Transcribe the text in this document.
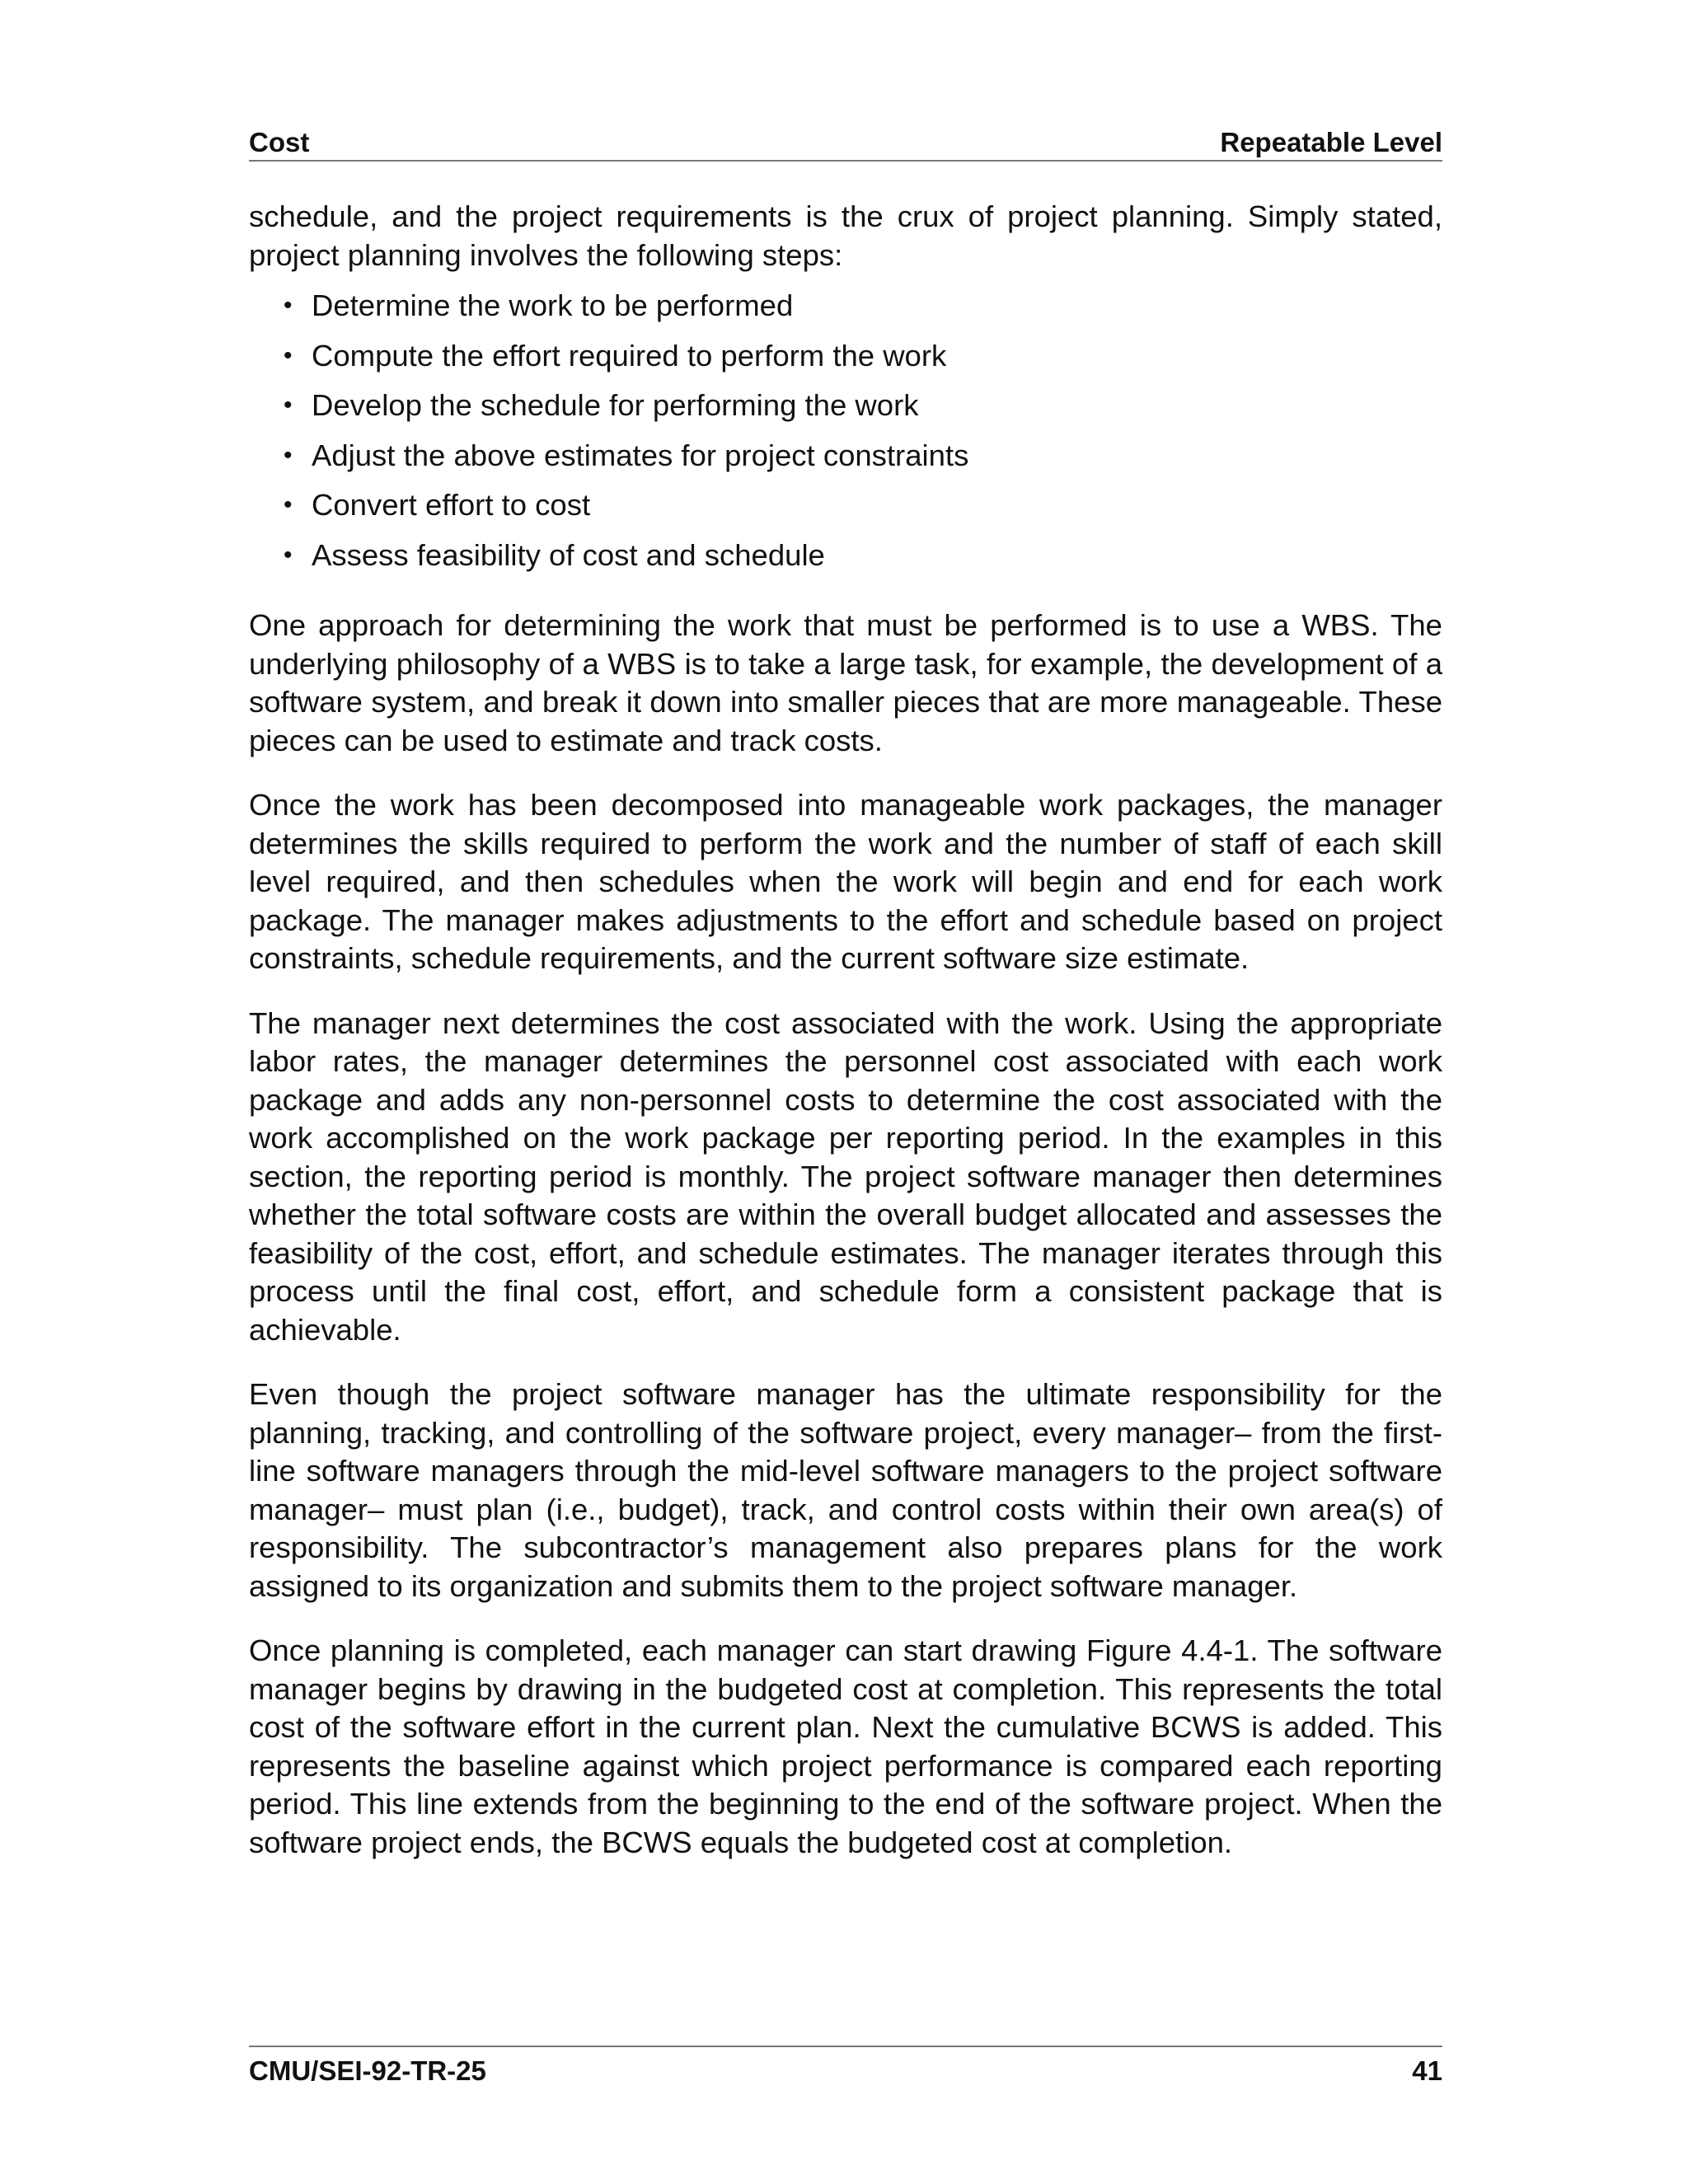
Cost	Repeatable Level

schedule, and the project requirements is the crux of project planning. Simply stated, project planning involves the following steps:

• Determine the work to be performed
• Compute the effort required to perform the work
• Develop the schedule for performing the work
• Adjust the above estimates for project constraints
• Convert effort to cost
• Assess feasibility of cost and schedule

One approach for determining the work that must be performed is to use a WBS. The underlying philosophy of a WBS is to take a large task, for example, the development of a software system, and break it down into smaller pieces that are more manageable. These pieces can be used to estimate and track costs.

Once the work has been decomposed into manageable work packages, the manager determines the skills required to perform the work and the number of staff of each skill level required, and then schedules when the work will begin and end for each work package. The manager makes adjustments to the effort and schedule based on project constraints, schedule requirements, and the current software size estimate.

The manager next determines the cost associated with the work. Using the appropriate labor rates, the manager determines the personnel cost associated with each work package and adds any non-personnel costs to determine the cost associated with the work accomplished on the work package per reporting period. In the examples in this section, the reporting period is monthly. The project software manager then determines whether the total software costs are within the overall budget allocated and assesses the feasibility of the cost, effort, and schedule estimates. The manager iterates through this process until the final cost, effort, and schedule form a consistent package that is achievable.

Even though the project software manager has the ultimate responsibility for the planning, tracking, and controlling of the software project, every manager– from the first-line software managers through the mid-level software managers to the project software manager– must plan (i.e., budget), track, and control costs within their own area(s) of responsibility. The subcontractor’s management also prepares plans for the work assigned to its organization and submits them to the project software manager.

Once planning is completed, each manager can start drawing Figure 4.4-1. The software manager begins by drawing in the budgeted cost at completion. This represents the total cost of the software effort in the current plan. Next the cumulative BCWS is added. This represents the baseline against which project performance is compared each reporting period. This line extends from the beginning to the end of the software project. When the software project ends, the BCWS equals the budgeted cost at completion.

CMU/SEI-92-TR-25	41
